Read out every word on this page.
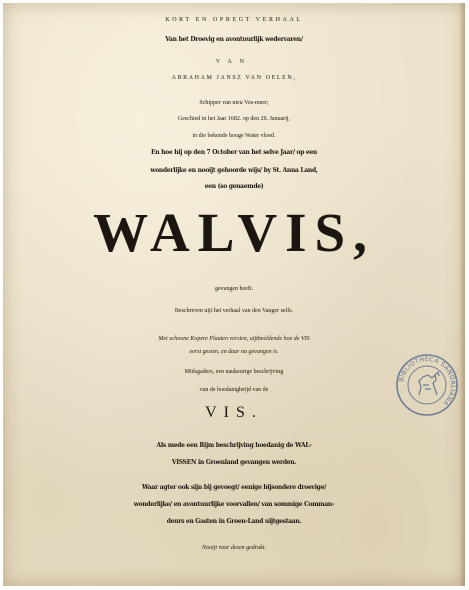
KORT EN OPREGT VERHAAL
Van het Droevig en avontuurlijk wedervaren/
VAN
ABRAHAM JANSZ VAN OELEN,
Schipper van nieu Vos-meer;
Geschied in het Jaar 1682. op den 26. Januarij,
in die bekende hooge Water vloed.
En hoe hij op den 7 October van het selve Jaar/ op een
wonderlijke en nooijt gehoorde wijs/ by St. Anna Land,
een (so genaemde)
WALVIS,
gevangen heeft.
Beschreven uijt het verhaal van den Vanger selfs.
Met schoone Kopere Plaaten versien, uijtbeeldende hoe de VIS
eerst gesien, en daar na gevangen is.
Midsgaders, een naukeurige beschrijving
van de hoedanigheijd van de
VIS.
Als mede een Rijm beschrijving hoedanig de WAL-
VISSEN in Groenland gevangen werden.
Waar agter ook sijn bij gevoegt/ eenige bijsondere droevige/
wonderlijke/ en avontuurlijke voorvallen/ van sommige Comman-
deurs en Gasten in Groen-Land uijtgestaan.
Nooijt voor desen gedrukt.
BIBLIOTHECA SANDALIANA
